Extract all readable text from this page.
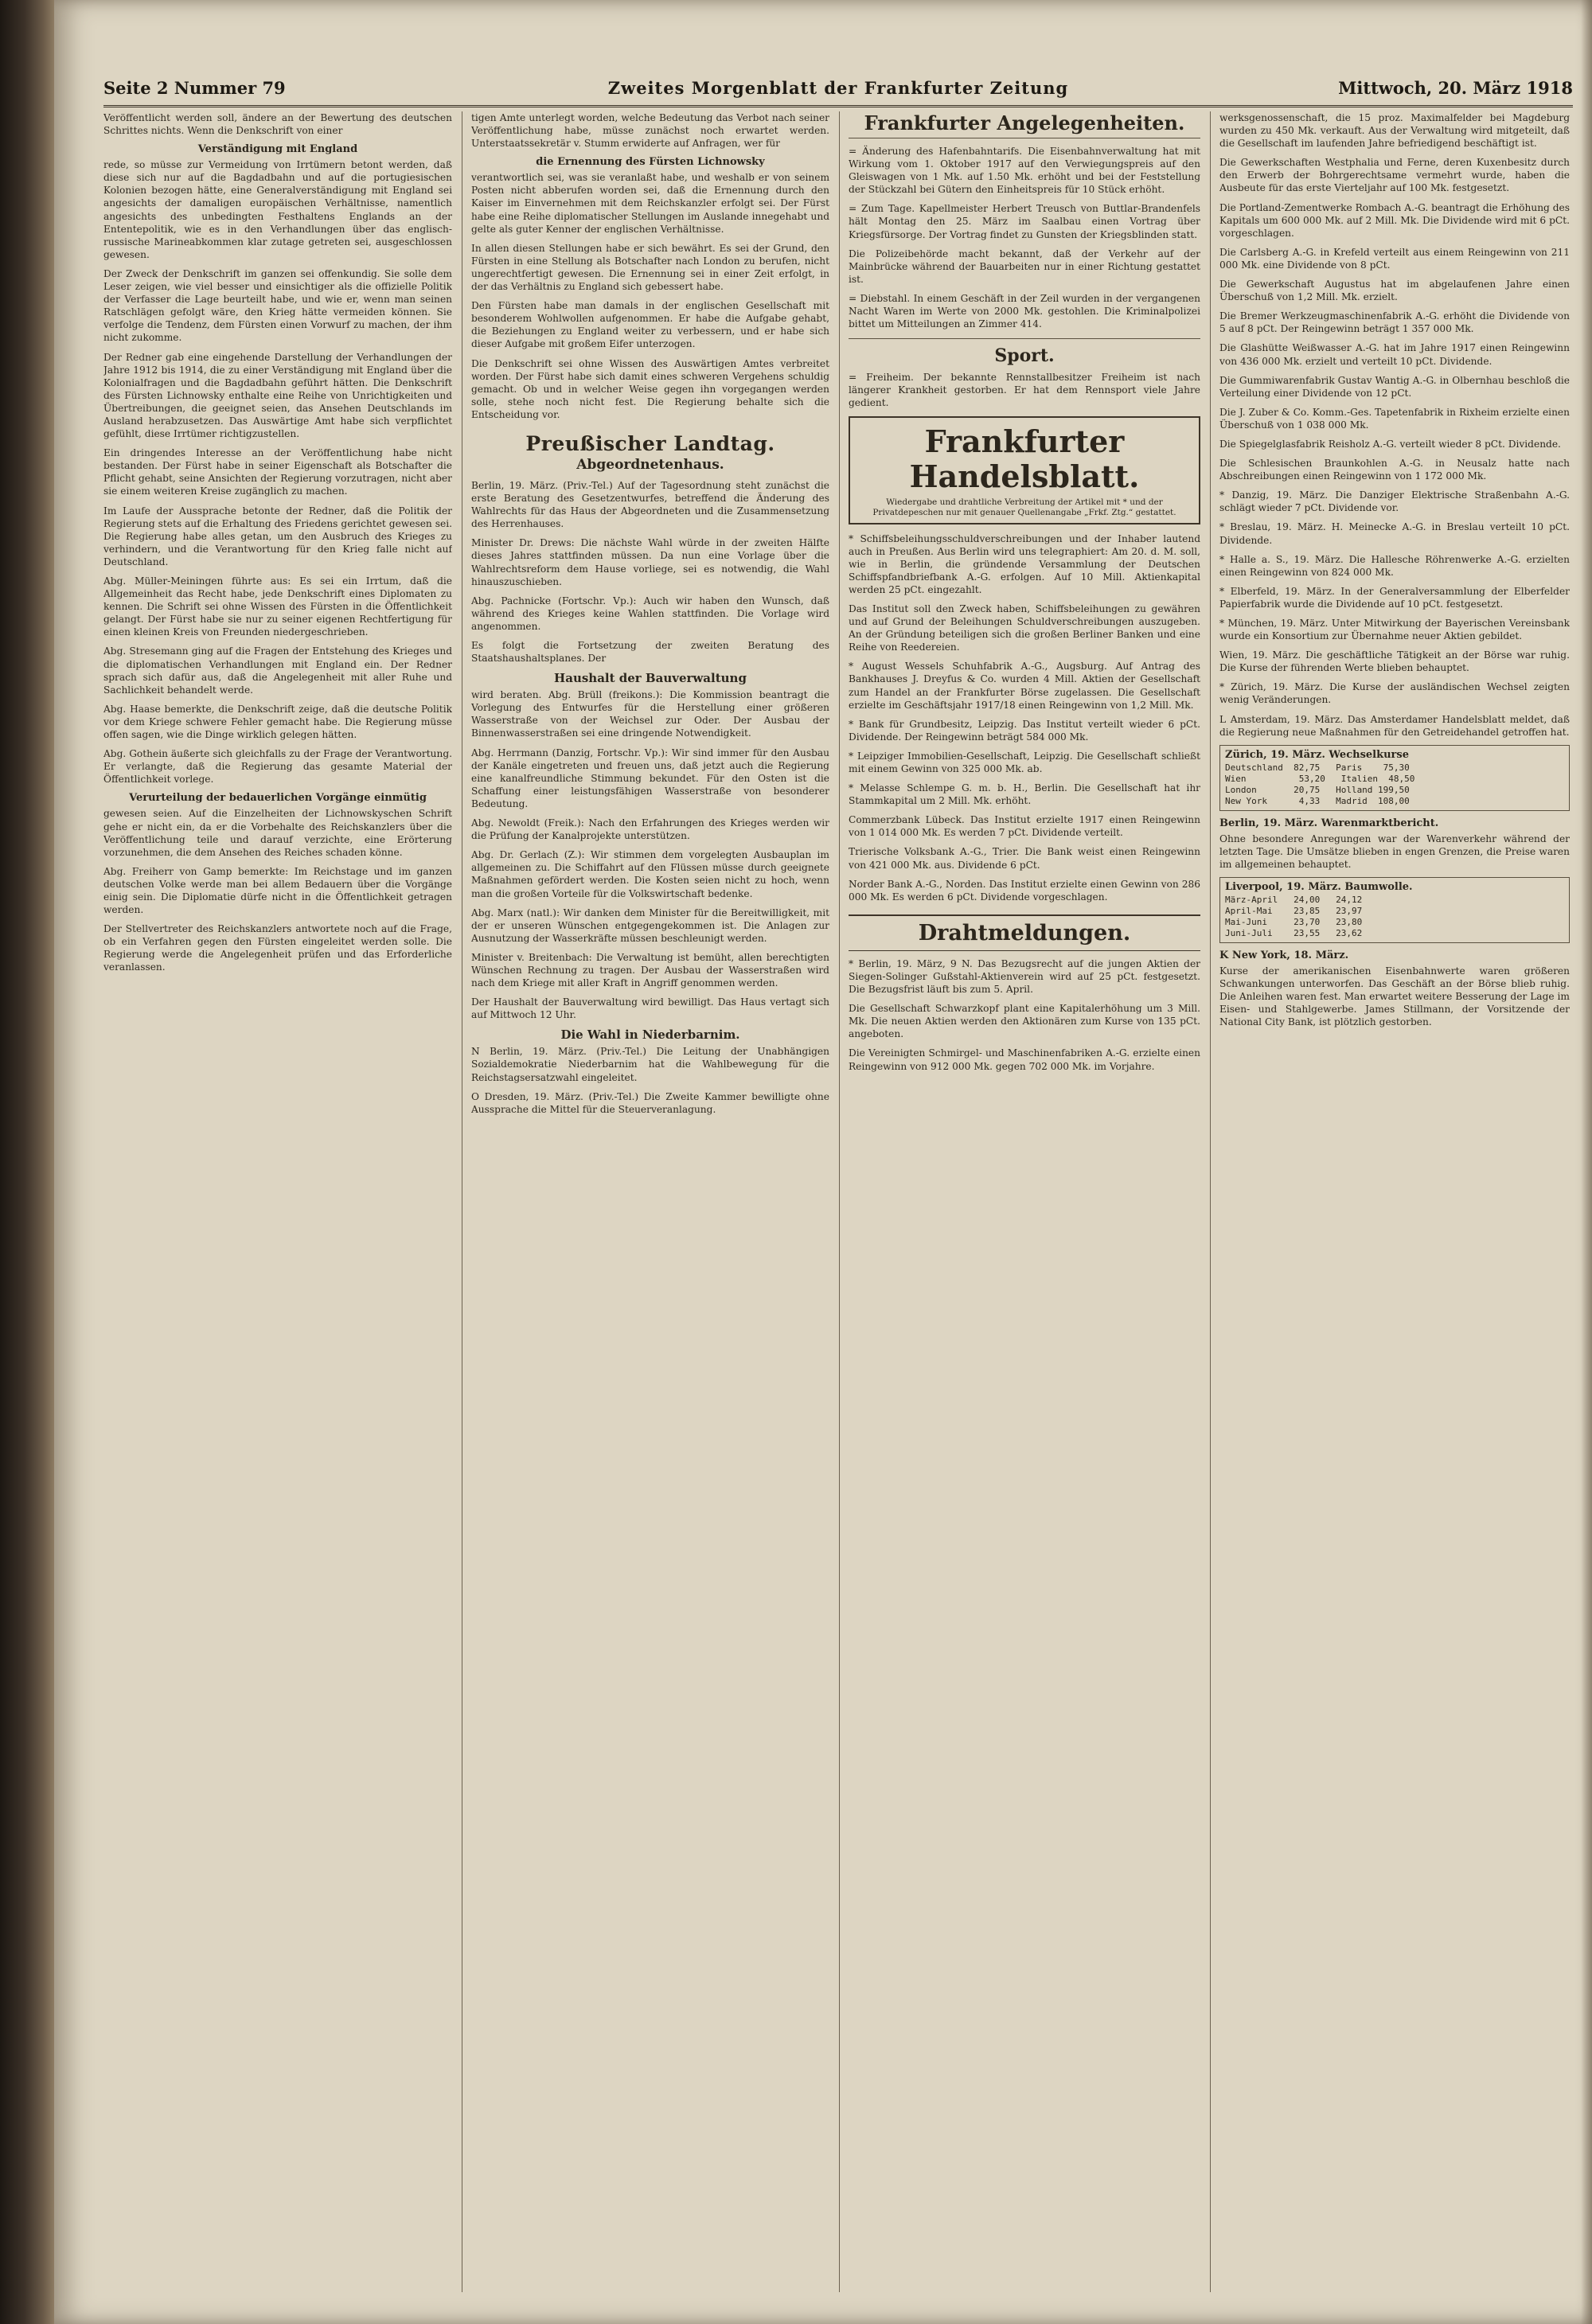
Seite 2 Nummer 79	Zweites Morgenblatt der Frankfurter Zeitung	Mittwoch, 20. März 1918

Veröffentlicht werden soll, ändere an der Bewertung des deutschen Schrittes nichts. Wenn die Denkschrift von einer

Verständigung mit England

rede, so müsse zur Vermeidung von Irrtümern betont werden, daß diese sich nur auf die Bagdadbahn und auf die portugiesischen Kolonien bezogen hätte, eine Generalverständigung mit England sei angesichts der damaligen europäischen Verhältnisse, namentlich angesichts des unbedingten Festhaltens Englands an der Ententepolitik, wie es in den Verhandlungen über das englisch-russische Marineabkommen klar zutage getreten sei, ausgeschlossen gewesen.

Der Zweck der Denkschrift im ganzen sei offenkundig. Sie solle dem Leser zeigen, wie viel besser und einsichtiger als die offizielle Politik der Verfasser die Lage beurteilt habe, und wie er, wenn man seinen Ratschlägen gefolgt wäre, den Krieg hätte vermeiden können. Sie verfolge die Tendenz, dem Fürsten einen Vorwurf zu machen, der ihm nicht zukomme.

Der Redner gab eine eingehende Darstellung der Verhandlungen der Jahre 1912 bis 1914, die zu einer Verständigung mit England über die Kolonialfragen und die Bagdadbahn geführt hätten. Die Denkschrift des Fürsten Lichnowsky enthalte eine Reihe von Unrichtigkeiten und Übertreibungen, die geeignet seien, das Ansehen Deutschlands im Ausland herabzusetzen. Das Auswärtige Amt habe sich verpflichtet gefühlt, diese Irrtümer richtigzustellen.

Ein dringendes Interesse an der Veröffentlichung habe nicht bestanden. Der Fürst habe in seiner Eigenschaft als Botschafter die Pflicht gehabt, seine Ansichten der Regierung vorzutragen, nicht aber sie einem weiteren Kreise zugänglich zu machen.

Im Laufe der Aussprache betonte der Redner, daß die Politik der Regierung stets auf die Erhaltung des Friedens gerichtet gewesen sei. Die Regierung habe alles getan, um den Ausbruch des Krieges zu verhindern, und die Verantwortung für den Krieg falle nicht auf Deutschland.

Abg. Müller-Meiningen führte aus: Es sei ein Irrtum, daß die Allgemeinheit das Recht habe, jede Denkschrift eines Diplomaten zu kennen. Die Schrift sei ohne Wissen des Fürsten in die Öffentlichkeit gelangt. Der Fürst habe sie nur zu seiner eigenen Rechtfertigung für einen kleinen Kreis von Freunden niedergeschrieben.

Abg. Stresemann ging auf die Fragen der Entstehung des Krieges und die diplomatischen Verhandlungen mit England ein. Der Redner sprach sich dafür aus, daß die Angelegenheit mit aller Ruhe und Sachlichkeit behandelt werde.

Abg. Haase bemerkte, die Denkschrift zeige, daß die deutsche Politik vor dem Kriege schwere Fehler gemacht habe. Die Regierung müsse offen sagen, wie die Dinge wirklich gelegen hätten.

Abg. Gothein äußerte sich gleichfalls zu der Frage der Verantwortung. Er verlangte, daß die Regierung das gesamte Material der Öffentlichkeit vorlege.

Verurteilung der bedauerlichen Vorgänge einmütig

gewesen seien. Auf die Einzelheiten der Lichnowskyschen Schrift gehe er nicht ein, da er die Vorbehalte des Reichskanzlers über die Veröffentlichung teile und darauf verzichte, eine Erörterung vorzunehmen, die dem Ansehen des Reiches schaden könne.

Abg. Freiherr von Gamp bemerkte: Im Reichstage und im ganzen deutschen Volke werde man bei allem Bedauern über die Vorgänge einig sein. Die Diplomatie dürfe nicht in die Öffentlichkeit getragen werden.

Der Stellvertreter des Reichskanzlers antwortete noch auf die Frage, ob ein Verfahren gegen den Fürsten eingeleitet werden solle. Die Regierung werde die Angelegenheit prüfen und das Erforderliche veranlassen.

tigen Amte unterlegt worden, welche Bedeutung das Verbot nach seiner Veröffentlichung habe, müsse zunächst noch erwartet werden. Unterstaatssekretär v. Stumm erwiderte auf Anfragen, wer für

die Ernennung des Fürsten Lichnowsky

verantwortlich sei, was sie veranlaßt habe, und weshalb er von seinem Posten nicht abberufen worden sei, daß die Ernennung durch den Kaiser im Einvernehmen mit dem Reichskanzler erfolgt sei. Der Fürst habe eine Reihe diplomatischer Stellungen im Auslande innegehabt und gelte als guter Kenner der englischen Verhältnisse.

In allen diesen Stellungen habe er sich bewährt. Es sei der Grund, den Fürsten in eine Stellung als Botschafter nach London zu berufen, nicht ungerechtfertigt gewesen. Die Ernennung sei in einer Zeit erfolgt, in der das Verhältnis zu England sich gebessert habe.

Den Fürsten habe man damals in der englischen Gesellschaft mit besonderem Wohlwollen aufgenommen. Er habe die Aufgabe gehabt, die Beziehungen zu England weiter zu verbessern, und er habe sich dieser Aufgabe mit großem Eifer unterzogen.

Die Denkschrift sei ohne Wissen des Auswärtigen Amtes verbreitet worden. Der Fürst habe sich damit eines schweren Vergehens schuldig gemacht. Ob und in welcher Weise gegen ihn vorgegangen werden solle, stehe noch nicht fest. Die Regierung behalte sich die Entscheidung vor.

Preußischer Landtag.
Abgeordnetenhaus.

Berlin, 19. März. (Priv.-Tel.) Auf der Tagesordnung steht zunächst die erste Beratung des Gesetzentwurfes, betreffend die Änderung des Wahlrechts für das Haus der Abgeordneten und die Zusammensetzung des Herrenhauses.

Minister Dr. Drews: Die nächste Wahl würde in der zweiten Hälfte dieses Jahres stattfinden müssen. Da nun eine Vorlage über die Wahlrechtsreform dem Hause vorliege, sei es notwendig, die Wahl hinauszuschieben.

Abg. Pachnicke (Fortschr. Vp.): Auch wir haben den Wunsch, daß während des Krieges keine Wahlen stattfinden. Die Vorlage wird angenommen.

Es folgt die Fortsetzung der zweiten Beratung des Staatshaushaltsplanes. Der

Haushalt der Bauverwaltung

wird beraten. Abg. Brüll (freikons.): Die Kommission beantragt die Vorlegung des Entwurfes für die Herstellung einer größeren Wasserstraße von der Weichsel zur Oder. Der Ausbau der Binnenwasserstraßen sei eine dringende Notwendigkeit.

Abg. Herrmann (Danzig, Fortschr. Vp.): Wir sind immer für den Ausbau der Kanäle eingetreten und freuen uns, daß jetzt auch die Regierung eine kanalfreundliche Stimmung bekundet. Für den Osten ist die Schaffung einer leistungsfähigen Wasserstraße von besonderer Bedeutung.

Abg. Newoldt (Freik.): Nach den Erfahrungen des Krieges werden wir die Prüfung der Kanalprojekte unterstützen.

Abg. Dr. Gerlach (Z.): Wir stimmen dem vorgelegten Ausbauplan im allgemeinen zu. Die Schiffahrt auf den Flüssen müsse durch geeignete Maßnahmen gefördert werden. Die Kosten seien nicht zu hoch, wenn man die großen Vorteile für die Volkswirtschaft bedenke.

Abg. Marx (natl.): Wir danken dem Minister für die Bereitwilligkeit, mit der er unseren Wünschen entgegengekommen ist. Die Anlagen zur Ausnutzung der Wasserkräfte müssen beschleunigt werden.

Minister v. Breitenbach: Die Verwaltung ist bemüht, allen berechtigten Wünschen Rechnung zu tragen. Der Ausbau der Wasserstraßen wird nach dem Kriege mit aller Kraft in Angriff genommen werden.

Der Haushalt der Bauverwaltung wird bewilligt. Das Haus vertagt sich auf Mittwoch 12 Uhr.

Die Wahl in Niederbarnim.

N Berlin, 19. März. (Priv.-Tel.) Die Leitung der Unabhängigen Sozialdemokratie Niederbarnim hat die Wahlbewegung für die Reichstagsersatzwahl eingeleitet.

O Dresden, 19. März. (Priv.-Tel.) Die Zweite Kammer bewilligte ohne Aussprache die Mittel für die Steuerveranlagung.

Frankfurter Angelegenheiten.

= Änderung des Hafenbahntarifs. Die Eisenbahnverwaltung hat mit Wirkung vom 1. Oktober 1917 auf den Verwiegungspreis auf den Gleiswagen von 1 Mk. auf 1.50 Mk. erhöht und bei der Feststellung der Stückzahl bei Gütern den Einheitspreis für 10 Stück erhöht.

= Zum Tage. Kapellmeister Herbert Treusch von Buttlar-Brandenfels hält Montag den 25. März im Saalbau einen Vortrag über Kriegsfürsorge. Der Vortrag findet zu Gunsten der Kriegsblinden statt.

Die Polizeibehörde macht bekannt, daß der Verkehr auf der Mainbrücke während der Bauarbeiten nur in einer Richtung gestattet ist.

= Diebstahl. In einem Geschäft in der Zeil wurden in der vergangenen Nacht Waren im Werte von 2000 Mk. gestohlen. Die Kriminalpolizei bittet um Mitteilungen an Zimmer 414.

Sport.

= Freiheim. Der bekannte Rennstallbesitzer Freiheim ist nach längerer Krankheit gestorben. Er hat dem Rennsport viele Jahre gedient.

Frankfurter Handelsblatt.
Wiedergabe und drahtliche Verbreitung der Artikel mit * und der Privatdepeschen nur mit genauer Quellenangabe „Frkf. Ztg.“ gestattet.

* Schiffsbeleihungsschuldverschreibungen und der Inhaber lautend auch in Preußen. Aus Berlin wird uns telegraphiert: Am 20. d. M. soll, wie in Berlin, die gründende Versammlung der Deutschen Schiffspfandbriefbank A.-G. erfolgen. Auf 10 Mill. Aktienkapital werden 25 pCt. eingezahlt.

Das Institut soll den Zweck haben, Schiffsbeleihungen zu gewähren und auf Grund der Beleihungen Schuldverschreibungen auszugeben. An der Gründung beteiligen sich die großen Berliner Banken und eine Reihe von Reedereien.

* August Wessels Schuhfabrik A.-G., Augsburg. Auf Antrag des Bankhauses J. Dreyfus & Co. wurden 4 Mill. Aktien der Gesellschaft zum Handel an der Frankfurter Börse zugelassen. Die Gesellschaft erzielte im Geschäftsjahr 1917/18 einen Reingewinn von 1,2 Mill. Mk.

* Bank für Grundbesitz, Leipzig. Das Institut verteilt wieder 6 pCt. Dividende. Der Reingewinn beträgt 584 000 Mk.

* Leipziger Immobilien-Gesellschaft, Leipzig. Die Gesellschaft schließt mit einem Gewinn von 325 000 Mk. ab.

* Melasse Schlempe G. m. b. H., Berlin. Die Gesellschaft hat ihr Stammkapital um 2 Mill. Mk. erhöht.

Commerzbank Lübeck. Das Institut erzielte 1917 einen Reingewinn von 1 014 000 Mk. Es werden 7 pCt. Dividende verteilt.

Trierische Volksbank A.-G., Trier. Die Bank weist einen Reingewinn von 421 000 Mk. aus. Dividende 6 pCt.

Norder Bank A.-G., Norden. Das Institut erzielte einen Gewinn von 286 000 Mk. Es werden 6 pCt. Dividende vorgeschlagen.

Drahtmeldungen.

* Berlin, 19. März, 9 N. Das Bezugsrecht auf die jungen Aktien der Siegen-Solinger Gußstahl-Aktienverein wird auf 25 pCt. festgesetzt. Die Bezugsfrist läuft bis zum 5. April.

Die Gesellschaft Schwarzkopf plant eine Kapitalerhöhung um 3 Mill. Mk. Die neuen Aktien werden den Aktionären zum Kurse von 135 pCt. angeboten.

Die Vereinigten Schmirgel- und Maschinenfabriken A.-G. erzielte einen Reingewinn von 912 000 Mk. gegen 702 000 Mk. im Vorjahre.

werksgenossenschaft, die 15 proz. Maximalfelder bei Magdeburg wurden zu 450 Mk. verkauft. Aus der Verwaltung wird mitgeteilt, daß die Gesellschaft im laufenden Jahre befriedigend beschäftigt ist.

Die Gewerkschaften Westphalia und Ferne, deren Kuxenbesitz durch den Erwerb der Bohrgerechtsame vermehrt wurde, haben die Ausbeute für das erste Vierteljahr auf 100 Mk. festgesetzt.

Die Portland-Zementwerke Rombach A.-G. beantragt die Erhöhung des Kapitals um 600 000 Mk. auf 2 Mill. Mk. Die Dividende wird mit 6 pCt. vorgeschlagen.

Die Carlsberg A.-G. in Krefeld verteilt aus einem Reingewinn von 211 000 Mk. eine Dividende von 8 pCt.

Die Gewerkschaft Augustus hat im abgelaufenen Jahre einen Überschuß von 1,2 Mill. Mk. erzielt.

Die Bremer Werkzeugmaschinenfabrik A.-G. erhöht die Dividende von 5 auf 8 pCt. Der Reingewinn beträgt 1 357 000 Mk.

Die Glashütte Weißwasser A.-G. hat im Jahre 1917 einen Reingewinn von 436 000 Mk. erzielt und verteilt 10 pCt. Dividende.

Die Gummiwarenfabrik Gustav Wantig A.-G. in Olbernhau beschloß die Verteilung einer Dividende von 12 pCt.

Die J. Zuber & Co. Komm.-Ges. Tapetenfabrik in Rixheim erzielte einen Überschuß von 1 038 000 Mk.

Die Spiegelglasfabrik Reisholz A.-G. verteilt wieder 8 pCt. Dividende.

Die Schlesischen Braunkohlen A.-G. in Neusalz hatte nach Abschreibungen einen Reingewinn von 1 172 000 Mk.

* Danzig, 19. März. Die Danziger Elektrische Straßenbahn A.-G. schlägt wieder 7 pCt. Dividende vor.

* Breslau, 19. März. H. Meinecke A.-G. in Breslau verteilt 10 pCt. Dividende.

* Halle a. S., 19. März. Die Hallesche Röhrenwerke A.-G. erzielten einen Reingewinn von 824 000 Mk.

* Elberfeld, 19. März. In der Generalversammlung der Elberfelder Papierfabrik wurde die Dividende auf 10 pCt. festgesetzt.

* München, 19. März. Unter Mitwirkung der Bayerischen Vereinsbank wurde ein Konsortium zur Übernahme neuer Aktien gebildet.

Wien, 19. März. Die geschäftliche Tätigkeit an der Börse war ruhig. Die Kurse der führenden Werte blieben behauptet.

* Zürich, 19. März. Die Kurse der ausländischen Wechsel zeigten wenig Veränderungen.

L Amsterdam, 19. März. Das Amsterdamer Handelsblatt meldet, daß die Regierung neue Maßnahmen für den Getreidehandel getroffen hat.

Zürich, 19. März. Wechselkurse
Deutschland  82,75   Paris    75,30
Wien          53,20   Italien  48,50
London       20,75   Holland 199,50
New York      4,33   Madrid  108,00
Berlin, 19. März. Warenmarktbericht.

Ohne besondere Anregungen war der Warenverkehr während der letzten Tage. Die Umsätze blieben in engen Grenzen, die Preise waren im allgemeinen behauptet.

Liverpool, 19. März. Baumwolle.
März-April   24,00   24,12
April-Mai    23,85   23,97
Mai-Juni     23,70   23,80
Juni-Juli    23,55   23,62
K New York, 18. März.

Kurse der amerikanischen Eisenbahnwerte waren größeren Schwankungen unterworfen. Das Geschäft an der Börse blieb ruhig. Die Anleihen waren fest. Man erwartet weitere Besserung der Lage im Eisen- und Stahlgewerbe. James Stillmann, der Vorsitzende der National City Bank, ist plötzlich gestorben.
